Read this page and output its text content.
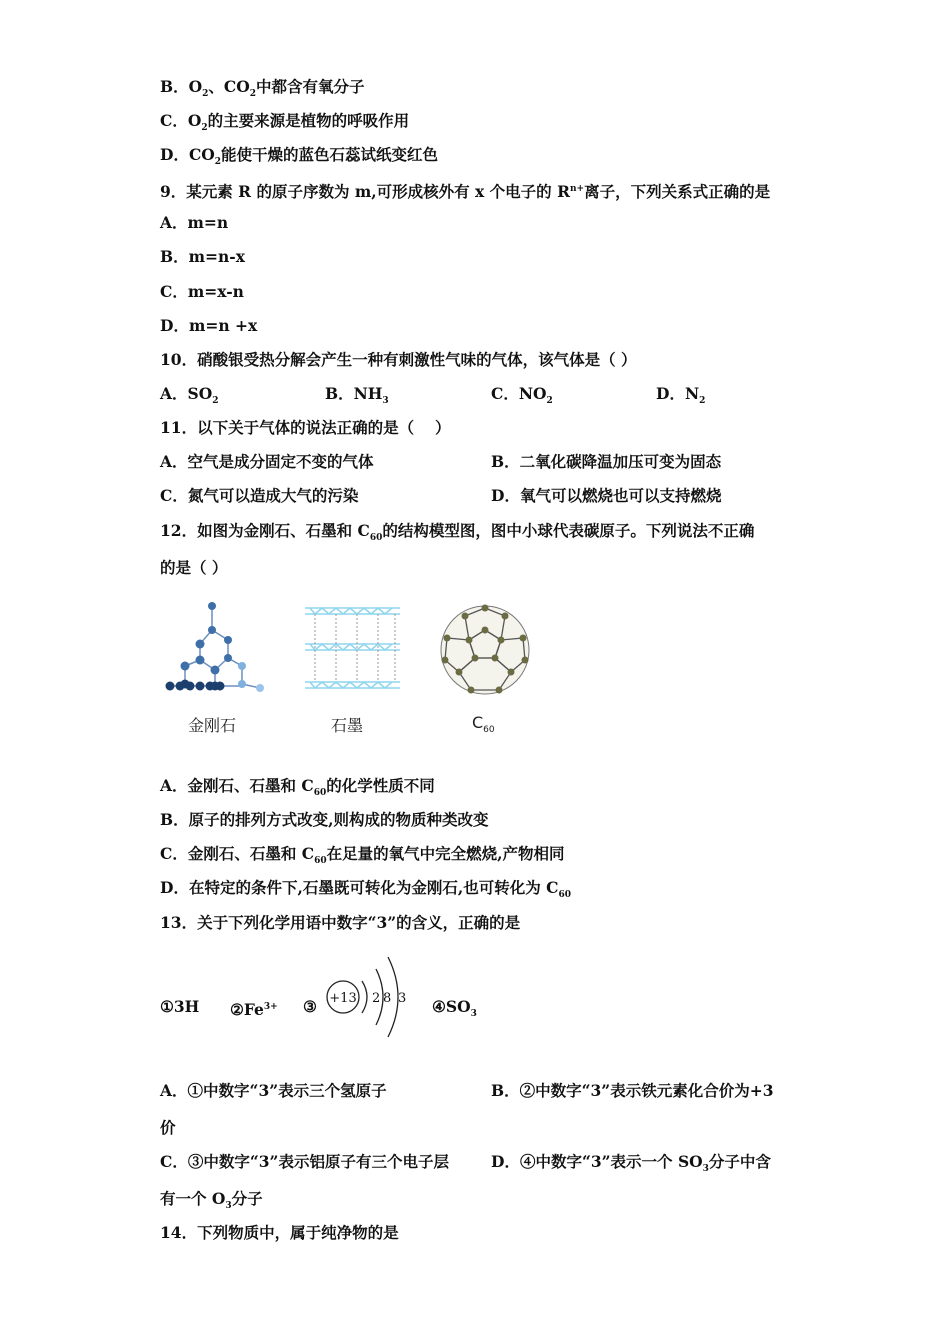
B．$O_2$、$CO_2$中都含有氧分子
C．$O_2$的主要来源是植物的呼吸作用
D．$CO_2$能使干燥的蓝色石蕊试纸变红色
9．某元素 R 的原子序数为 m,可形成核外有 x 个电子的 $R^{n+}$离子，下列关系式正确的是
A．m=n
B．m=n-x
C．m=x-n
D．m=n +x
10．硝酸银受热分解会产生一种有刺激性气味的气体，该气体是（ ）
A．$SO_2$	B．$NH_3$	C．$NO_2$	D．$N_2$
11．以下关于气体的说法正确的是（　 ）
A．空气是成分固定不变的气体	B．二氧化碳降温加压可变为固态
C．氮气可以造成大气的污染	D．氧气可以燃烧也可以支持燃烧
12．如图为金刚石、石墨和 $C_{60}$的结构模型图，图中小球代表碳原子。下列说法不正确
的是（ ）
金刚石	石墨	$C_{60}$
A．金刚石、石墨和 $C_{60}$的化学性质不同
B．原子的排列方式改变,则构成的物质种类改变
C．金刚石、石墨和 $C_{60}$在足量的氧气中完全燃烧,产物相同
D．在特定的条件下,石墨既可转化为金刚石,也可转化为 $C_{60}$
13．关于下列化学用语中数字“3”的含义，正确的是
①3H $②Fe^{3+}$ ③ +13 2 8 3 $④SO_3$
A．①中数字“3”表示三个氢原子	B．②中数字“3”表示铁元素化合价为+3
价
C．③中数字“3”表示铝原子有三个电子层	D．④中数字“3”表示一个 $SO_3$分子中含
有一个 $O_3$分子
14．下列物质中，属于纯净物的是
